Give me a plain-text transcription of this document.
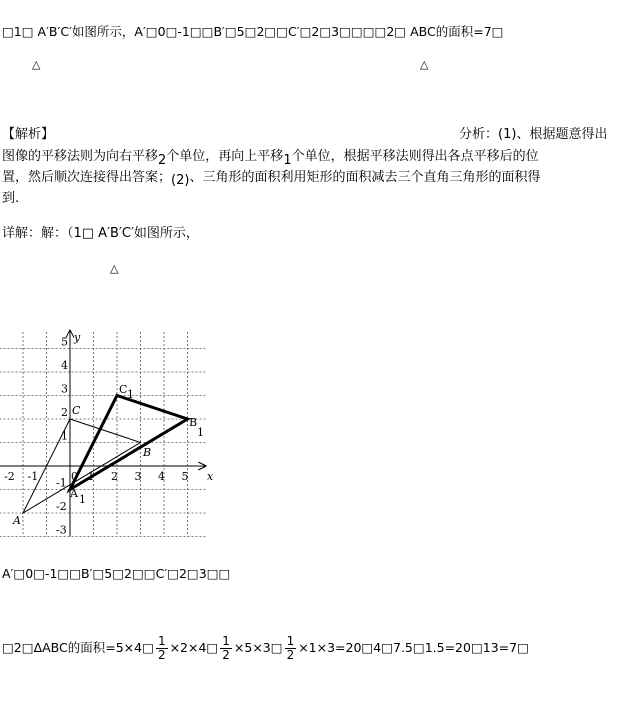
□1□ A′B′C′如图所示，A′□0□-1□□B′□5□2□□C′□2□3□□□□2□ ABC的面积=7□
△	△
【解析】	分析：(1)、根据题意得出
图像的平移法则为向右平移2个单位，再向上平移1个单位，根据平移法则得出各点平移后的位
置，然后顺次连接得出答案；(2)、三角形的面积利用矩形的面积减去三个直角三角形的面积得
到.
详解：解：（1□ A′B′C′如图所示，
△
-2 -1	1 2 3 4 5
5
4
3
2
1
-1
-2
-3
y
x
0
A
B
C
A 1
B
1
C 1
A′□0□-1□□B′□5□2□□C′□2□3□□
□2□ΔABC的面积=5×4□ $\frac{1}{2}$ ×2×4□ $\frac{1}{2}$ ×5×3□ $\frac{1}{2}$ ×1×3=20□4□7.5□1.5=20□13=7□
